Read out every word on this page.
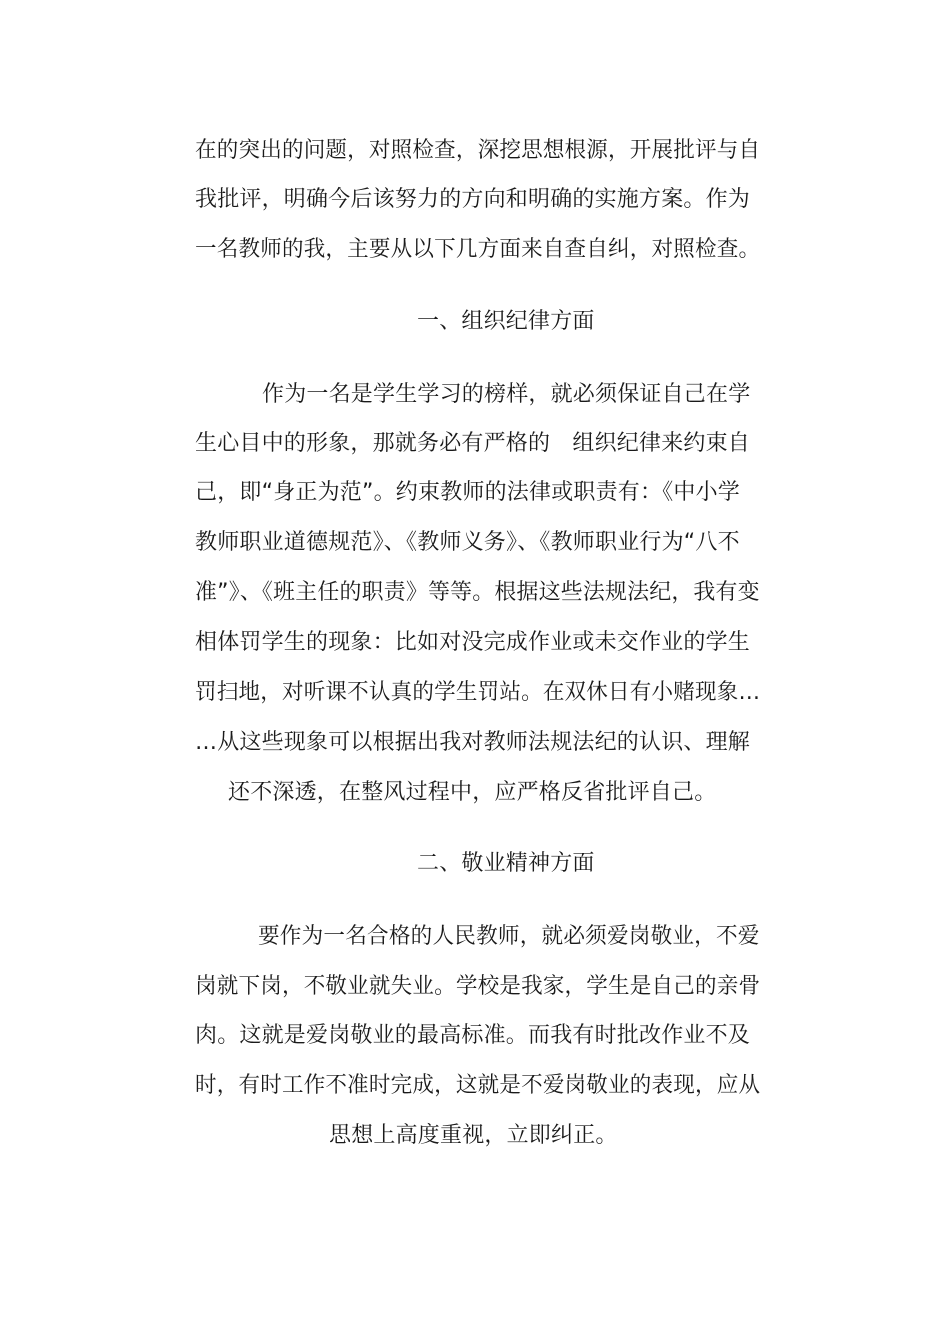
在的突出的问题，对照检查，深挖思想根源，开展批评与自
我批评，明确今后该努力的方向和明确的实施方案。作为
一名教师的我，主要从以下几方面来自查自纠，对照检查。
一、组织纪律方面
作为一名是学生学习的榜样，就必须保证自己在学
生心目中的形象，那就务必有严格的　组织纪律来约束自
己，即“身正为范”。约束教师的法律或职责有：《中小学
教师职业道德规范》、《教师义务》、《教师职业行为“八不
准”》、《班主任的职责》等等。根据这些法规法纪，我有变
相体罚学生的现象：比如对没完成作业或未交作业的学生
罚扫地，对听课不认真的学生罚站。在双休日有小赌现象…
…从这些现象可以根据出我对教师法规法纪的认识、理解
还不深透，在整风过程中，应严格反省批评自己。
二、敬业精神方面
要作为一名合格的人民教师，就必须爱岗敬业，不爱
岗就下岗，不敬业就失业。学校是我家，学生是自己的亲骨
肉。这就是爱岗敬业的最高标准。而我有时批改作业不及
时，有时工作不准时完成，这就是不爱岗敬业的表现，应从
思想上高度重视，立即纠正。
